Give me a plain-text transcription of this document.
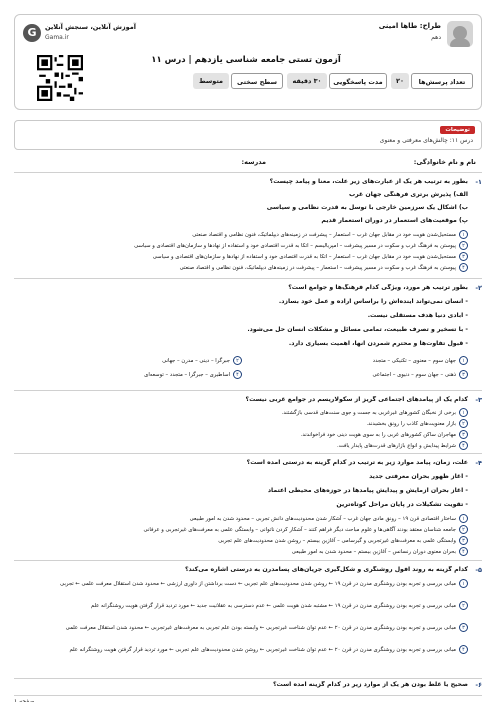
طراح: طاها امینی
دهم
G	آموزش آنلاین، سنجش آنلاین
Gama.ir
آزمون تستی جامعه شناسی یازدهم | درس ۱۱
تعداد پرسش‌ها
۲۰
مدت پاسخگویی
۳۰ دقیقه
سطح سختی
متوسط
توضیحات
درس ۱۱: چالش‌های معرفتی و معنوی
نام و نام خانوادگی:
مدرسه:
۱-
بطور به ترتیب هر یک از عبارت‌های زیر علت، معنا و پیامد چیست؟
الف) پذیرش برتری فرهنگی جهان غرب
ب) اشکال یک سرزمین خارجی با توسل به قدرت نظامی و سیاسی
پ) موقعیت‌های استعمار در دوران استعمار قدیم
۱مستحیل‌شدن هویت خود در مقابل جهان غرب – استعمار – پیشرفت در زمینه‌های دیپلماتیک، فنون نظامی و اقتصاد صنعتی
۲پیوستن به فرهنگ غرب و سکوت در مسیر پیشرفت – امپریالیسم – اتکا به قدرت اقتصادی خود و استفاده از نهادها و سازمان‌های اقتصادی و سیاسی
۳مستحیل‌شدن هویت خود در مقابل جهان غرب – استعمار – اتکا به قدرت اقتصادی خود و استفاده از نهادها و سازمان‌های اقتصادی و سیاسی
۴پیوستن به فرهنگ غرب و سکوت در مسیر پیشرفت – استعمار – پیشرفت در زمینه‌های دیپلماتیک، فنون نظامی و اقتصاد صنعتی
۲-
بطور ترتیب هر مورد، ویژگی کدام فرهنگ‌ها و جوامع است؟
- انسان نمی‌تواند آینده‌اش را براساس اراده و عمل خود بسازد.
- آبادی دنیا هدف مستقلی نیست.
- با تسخیر و تصرف طبیعت، تمامی مسائل و مشکلات انسان حل می‌شود.
- قبول تفاوت‌ها و محترم شمردن آنها، اهمیت بسیاری دارد.
۱جهان سوم – معنوی – تکنیکی – متجدد
۲جبرگرا – دینی – مدرن – جهانی
۳ذهنی – جهان سوم – دنیوی – اجتماعی
۴اساطیری – جبرگرا – متجدد – توسعه‌ای
۳-
کدام یک از پیامدهای اجتماعی گریز از سکولاریسم در جوامع غربی نیست؟
۱برخی از نخبگان کشورهای غیرغربی به جست و جوی سنت‌های قدسی بازگشتند.
۲بازار معنویت‌های کاذب را رونق بخشیدند.
۳مهاجران ساکن کشورهای غربی را به سوی هویت دینی خود فراخواندند.
۴شرایط پیدایش و انواع بازارهای قدرت‌های پایدار یافت.
۴-
علت، زمان، پیامد موارد زیر به ترتیب در کدام گزینه به درستی آمده است؟
- آغاز ظهور بحران معرفتی جدید
- آغاز بحران آزمایش و پیدایش پیامدها در حوزه‌های محیطی اعتماد
- تقویت تشکیلات در پایان مراحل کوتاه‌ترین
۱ساختار اقتصادی قرن ۱۹ – رونق مادی جهان غرب – آشکار شدن محدودیت‌های دانش تجربی – محدود شدن به امور طبیعی
۲جامعه شناسان معتقد بودند آگاهی‌ها و علوم مباحث دیگر فراهم کنند – آشکار کردن ناتوانی – وابستگی علمی به معرفت‌های غیرتجربی و عرفانی
۳وابستگی علمی به معرفت‌های غیرتجربی و گیرسامی – آغازین بیستم – روشن شدن محدودیت‌های علم تجربی
۴بحران معنوی دوران رنسانس – آغازین بیستم – محدود شدن به امور طبیعی
۵-
کدام گزینه به روند افول روشنگری و شکل‌گیری جریان‌های پسامدرن به درستی اشاره می‌کند؟
۱مبانی بررسی و تجربه بودن روشنگری مدرن در قرن ۱۹ ← روشن شدن محدودیت‌های علم تجربی ← دست برداشتن از داوری ارزشی ← محدود شدن استقلال معرفت علمی ← تجربی
۲مبانی بررسی و تجربه بودن روشنگری مدرن در قرن ۱۹ ← مشتبه شدن هویت علمی ← عدم دسترسی به عقلانیت جدید ← مورد تردید قرار گرفتن هویت روشنگرانه علم
۳مبانی بررسی و تجربه بودن روشنگری مدرن در قرن ۲۰ ← عدم توان شناخت غیرتجربی ← وابسته بودن علم تجربی به معرفت‌های غیرتجربی ← محدود شدن استقلال معرفت علمی
۴مبانی بررسی و تجربه بودن روشنگری مدرن در قرن ۲۰ ← عدم توان شناخت غیرتجربی ← روشن شدن محدودیت‌های علم تجربی ← مورد تردید قرار گرفتن هویت روشنگرانه علم
۶-
صحیح یا غلط بودن هر یک از موارد زیر در کدام گزینه آمده است؟
صفحه ۱
